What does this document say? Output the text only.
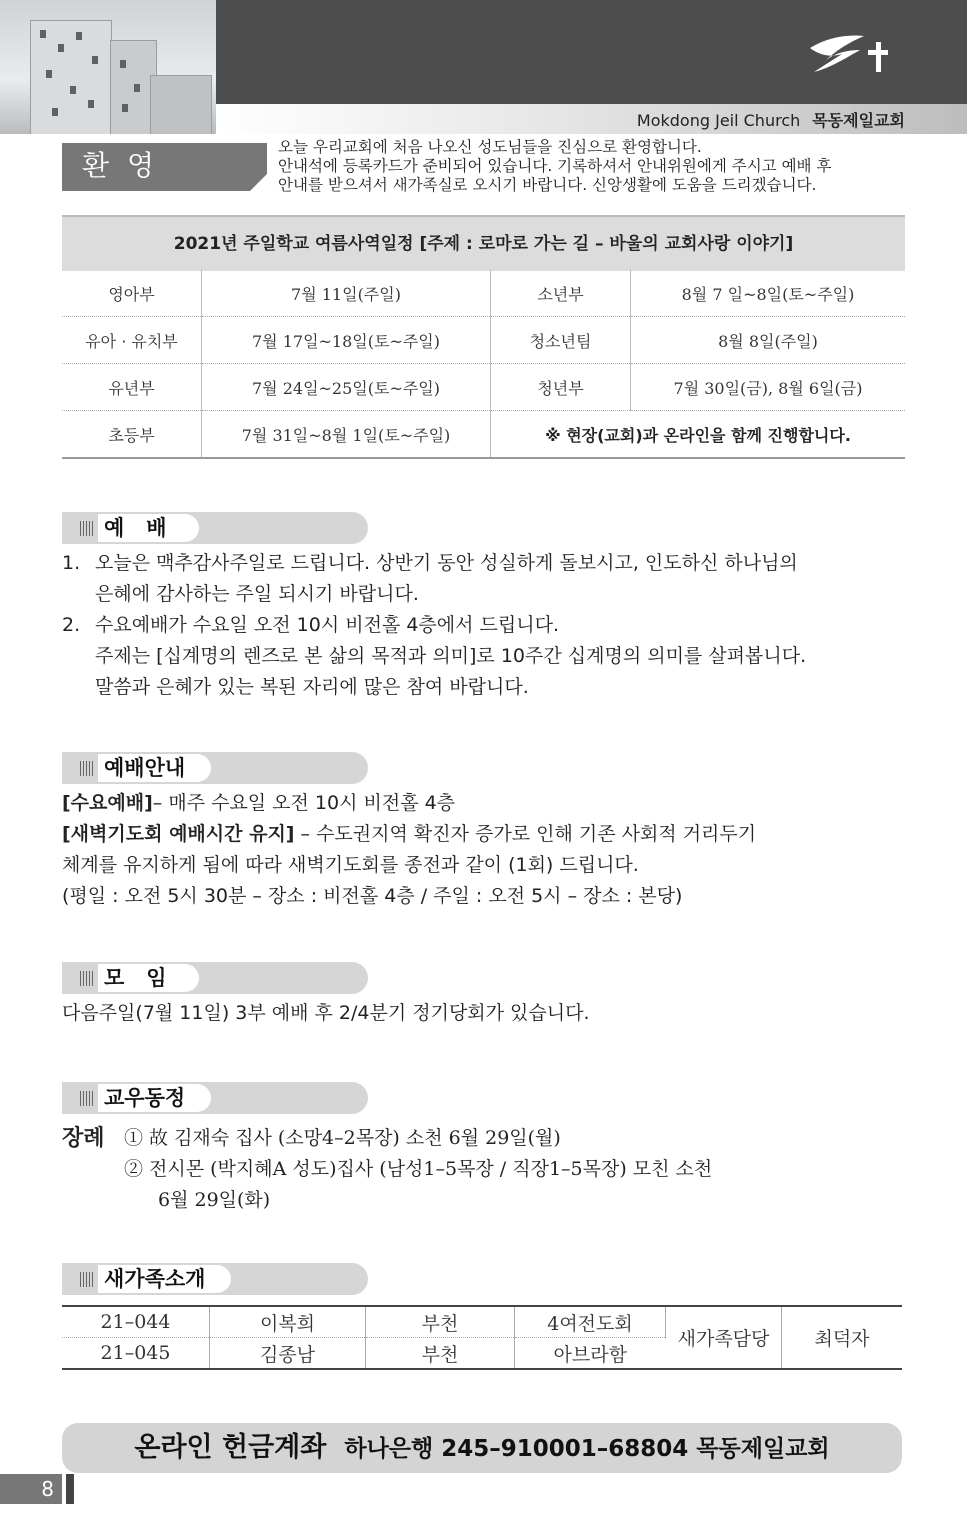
Mokdong Jeil Church 목동제일교회
환영
오늘 우리교회에 처음 나오신 성도님들을 진심으로 환영합니다.
안내석에 등록카드가 준비되어 있습니다. 기록하셔서 안내위원에게 주시고 예배 후
안내를 받으셔서 새가족실로 오시기 바랍니다. 신앙생활에 도움을 드리겠습니다.
2021년 주일학교 여름사역일정 [주제 : 로마로 가는 길 – 바울의 교회사랑 이야기]
영아부	7월 11일(주일)	소년부	8월 7 일~8일(토~주일)
유아 · 유치부	7월 17일~18일(토~주일)	청소년팀	8월 8일(주일)
유년부	7월 24일~25일(토~주일)	청년부	7월 30일(금), 8월 6일(금)
초등부	7월 31일~8월 1일(토~주일)	※ 현장(교회)과 온라인을 함께 진행합니다.	
예배
1. 오늘은 맥추감사주일로 드립니다. 상반기 동안 성실하게 돌보시고, 인도하신 하나님의
은혜에 감사하는 주일 되시기 바랍니다.
2. 수요예배가 수요일 오전 10시 비전홀 4층에서 드립니다.
주제는 [십계명의 렌즈로 본 삶의 목적과 의미]로 10주간 십계명의 의미를 살펴봅니다.
말씀과 은혜가 있는 복된 자리에 많은 참여 바랍니다.
예배안내
[수요예배]– 매주 수요일 오전 10시 비전홀 4층
[새벽기도회 예배시간 유지] – 수도권지역 확진자 증가로 인해 기존 사회적 거리두기
체계를 유지하게 됨에 따라 새벽기도회를 종전과 같이 (1회) 드립니다.
(평일 : 오전 5시 30분 – 장소 : 비전홀 4층 / 주일 : 오전 5시 – 장소 : 본당)
모임
다음주일(7월 11일) 3부 예배 후 2/4분기 정기당회가 있습니다.
교우동정
장례 ① 故 김재숙 집사 (소망4–2목장) 소천 6월 29일(월)
② 전시몬 (박지혜A 성도)집사 (남성1–5목장 / 직장1–5목장) 모친 소천
6월 29일(화)
새가족소개
21–044	이복희	부천	4여전도회	새가족담당	최덕자
21–045	김종남	부천	아브라함		
온라인 헌금계좌 하나은행 245–910001–68804 목동제일교회
8
